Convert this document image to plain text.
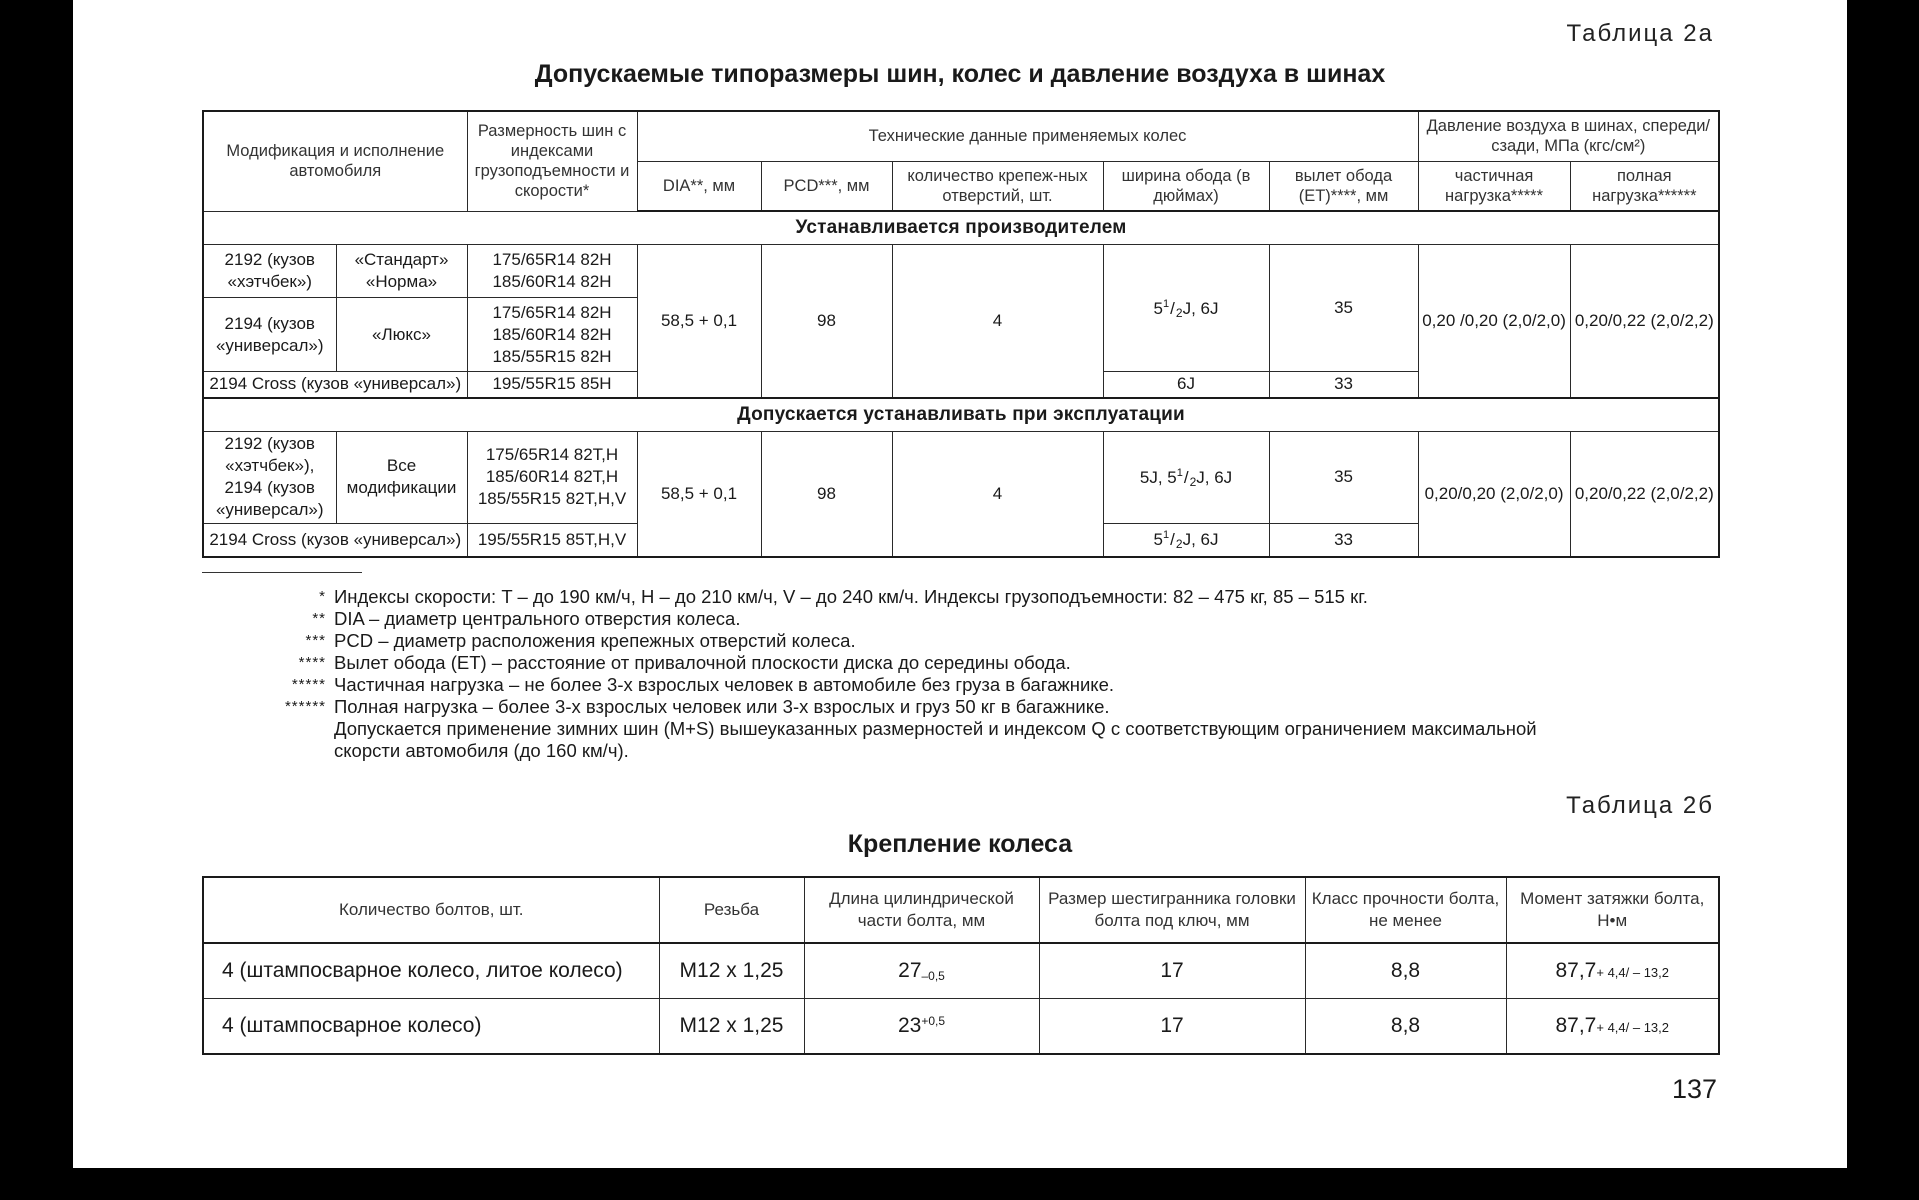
Таблица 2а
Допускаемые типоразмеры шин, колес и давление воздуха в шинах
Модификация и исполнение автомобиля		Размерность шин с индексами грузоподъемности и скорости*	Технические данные применяемых колес					Давление воздуха в шинах, спереди/сзади, МПа (кгс/см²)	
			DIA**, мм	PCD***, мм	количество крепеж-ных отверстий, шт.	ширина обода (в дюймах)	вылет обода (ET)****, мм	частичная нагрузка*****	полная нагрузка******
Устанавливается производителем									
2192 (кузов «хэтчбек»)	«Стандарт» «Норма»	175/65R14 82H 185/60R14 82H	58,5 + 0,1	98	4	$5^1/2J$, 6J	35	0,20 /0,20 (2,0/2,0)	0,20/0,22 (2,0/2,2)
2194 (кузов «универсал»)	«Люкс»	175/65R14 82H 185/60R14 82H 185/55R15 82H							
2194 Cross (кузов «универсал»)		195/55R15 85H				6J	33		
Допускается устанавливать при эксплуатации									
2192 (кузов «хэтчбек»), 2194 (кузов «универсал»)	Все модификации	175/65R14 82T,H 185/60R14 82T,H 185/55R15 82T,H,V	58,5 + 0,1	98	4	5J, $5^1/2J$, 6J	35	0,20/0,20 (2,0/2,0)	0,20/0,22 (2,0/2,2)
2194 Cross (кузов «универсал»)		195/55R15 85T,H,V				$5^1/2J$, 6J	33		
* Индексы скорости: T – до 190 км/ч, H – до 210 км/ч, V – до 240 км/ч. Индексы грузоподъемности: 82 – 475 кг, 85 – 515 кг.
** DIA – диаметр центрального отверстия колеса.
*** PCD – диаметр расположения крепежных отверстий колеса.
**** Вылет обода (ET) – расстояние от привалочной плоскости диска до середины обода.
***** Частичная нагрузка – не более 3-х взрослых человек в автомобиле без груза в багажнике.
****** Полная нагрузка – более 3-х взрослых человек или 3-х взрослых и груз 50 кг в багажнике.
Допускается применение зимних шин (M+S) вышеуказанных размерностей и индексом Q с соответствующим ограничением максимальной
скорсти автомобиля (до 160 км/ч).
Таблица 2б
Крепление колеса
Количество болтов, шт.	Резьба	Длина цилиндрической части болта, мм	Размер шестигранника головки болта под ключ, мм	Класс прочности болта, не менее	Момент затяжки болта, Н•м
4 (штампосварное колесо, литое колесо)	M12 x 1,25	27–0,5	17	8,8	87,7+ 4,4/ – 13,2
4 (штампосварное колесо)	M12 x 1,25	$23^{+0,5}$	17	8,8	87,7+ 4,4/ – 13,2
137
